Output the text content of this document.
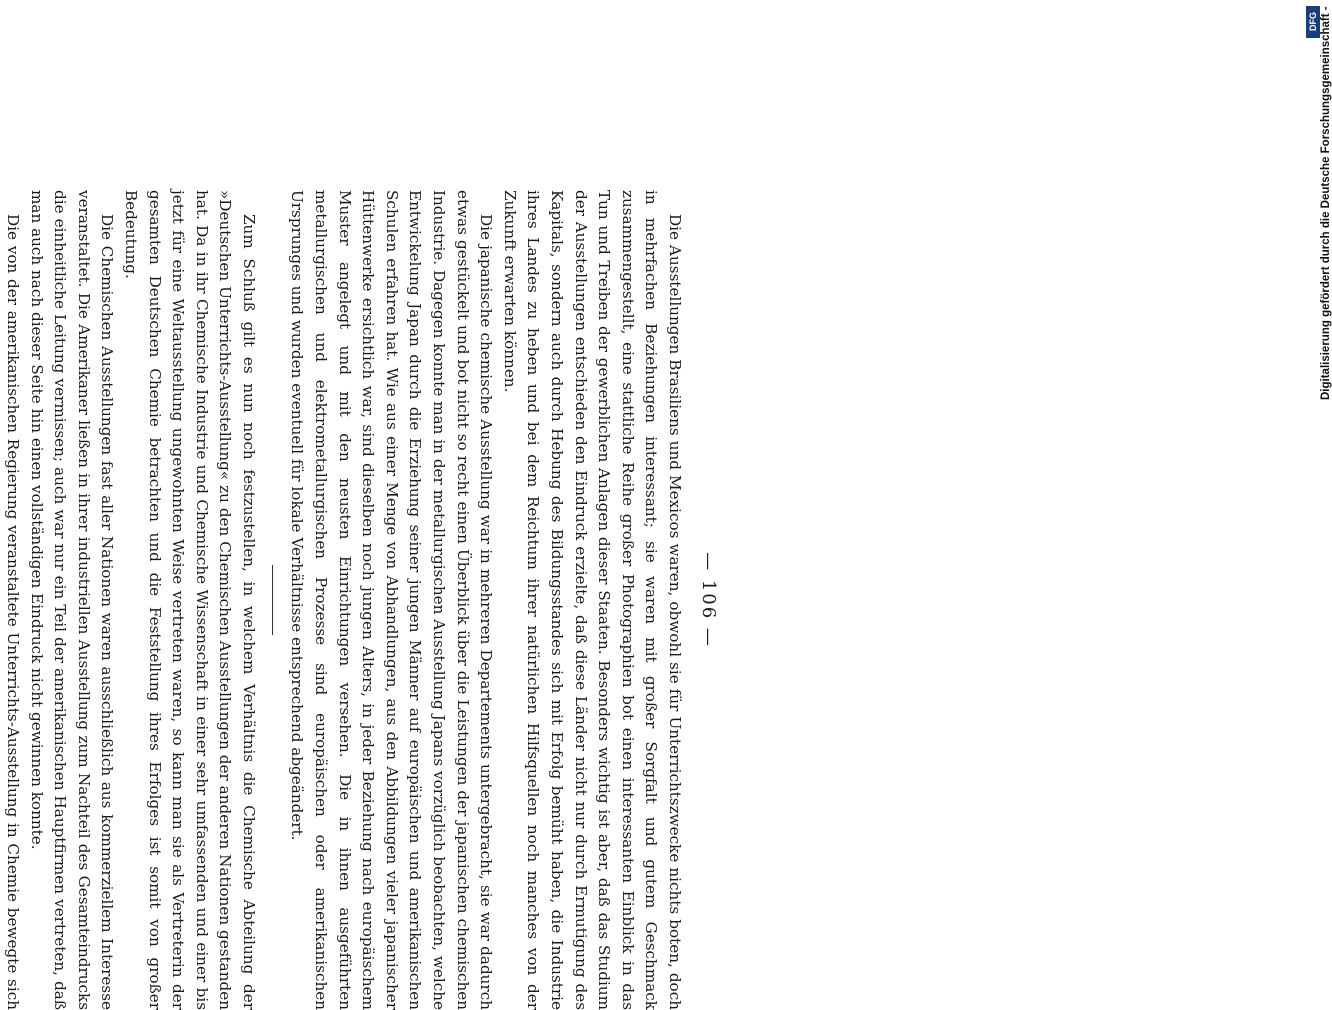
— 106 —

Die Ausstellungen Brasiliens und Mexicos waren, obwohl sie für Unterrichtszwecke nichts boten, doch in mehrfachen Beziehungen interessant; sie waren mit großer Sorgfalt und gutem Geschmack zusammengestellt, eine stattliche Reihe großer Photographien bot einen interessanten Einblick in das Tun und Treiben der gewerblichen Anlagen dieser Staaten. Besonders wichtig ist aber, daß das Studium der Ausstellungen entschieden den Eindruck erzielte, daß diese Länder nicht nur durch Ermutigung des Kapitals, sondern auch durch Hebung des Bildungsstandes sich mit Erfolg bemüht haben, die Industrie ihres Landes zu heben und bei dem Reichtum ihrer natürlichen Hilfsquellen noch manches von der Zukunft erwarten können.

Die japanische chemische Ausstellung war in mehreren Departements untergebracht, sie war dadurch etwas gestückelt und bot nicht so recht einen Überblick über die Leistungen der japanischen chemischen Industrie. Dagegen konnte man in der metallurgischen Ausstellung Japans vorzüglich beobachten, welche Entwickelung Japan durch die Erziehung seiner jungen Männer auf europäischen und amerikanischen Schulen erfahren hat. Wie aus einer Menge von Abhandlungen, aus den Abbildungen vieler japanischer Hüttenwerke ersichtlich war, sind dieselben noch jungen Alters, in jeder Beziehung nach europäischem Muster angelegt und mit den neusten Einrichtungen versehen. Die in ihnen ausgeführten metallurgischen und elektrometallurgischen Prozesse sind europäischen oder amerikanischen Ursprunges und wurden eventuell für lokale Verhältnisse entsprechend abgeändert.

Zum Schluß gilt es nun noch festzustellen, in welchem Verhältnis die Chemische Abteilung der »Deutschen Unterrichts-Ausstellung« zu den Chemischen Ausstellungen der anderen Nationen gestanden hat. Da in ihr Chemische Industrie und Chemische Wissenschaft in einer sehr umfassenden und einer bis jetzt für eine Weltausstellung ungewohnten Weise vertreten waren, so kann man sie als Vertreterin der gesamten Deutschen Chemie betrachten und die Feststellung ihres Erfolges ist somit von großer Bedeutung.

Die Chemischen Ausstellungen fast aller Nationen waren ausschließlich aus kommerziellem Interesse veranstaltet. Die Amerikaner ließen in ihrer industriellen Ausstellung zum Nachteil des Gesamteindrucks die einheitliche Leitung vermissen; auch war nur ein Teil der amerikanischen Hauptfirmen vertreten, daß man auch nach dieser Seite hin einen vollständigen Eindruck nicht gewinnen konnte.

Die von der amerikanischen Regierung veranstaltete Unterrichts-Ausstellung in Chemie bewegte sich

DFG Digitalisierung gefördert durch die Deutsche Forschungsgemeinschaft -
